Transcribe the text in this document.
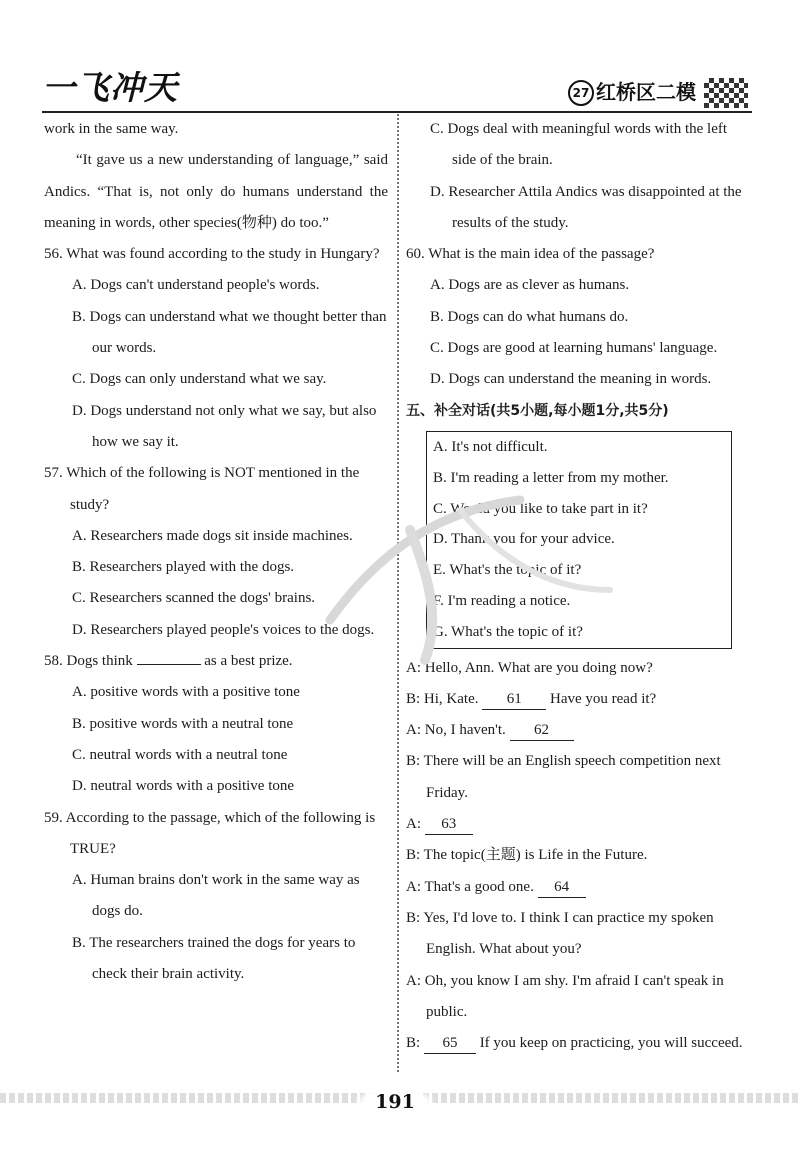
一飞冲天	27 红桥区二模

work in the same way.

“It gave us a new understanding of language,” said Andics. “That is, not only do humans understand the meaning in words, other species(物种) do too.”

56. What was found according to the study in Hungary?

A. Dogs can't understand people's words.

B. Dogs can understand what we thought better than our words.

C. Dogs can only understand what we say.

D. Dogs understand not only what we say, but also how we say it.

57. Which of the following is NOT mentioned in the study?

A. Researchers made dogs sit inside machines.

B. Researchers played with the dogs.

C. Researchers scanned the dogs' brains.

D. Researchers played people's voices to the dogs.

58. Dogs think	as a best prize.

A. positive words with a positive tone

B. positive words with a neutral tone

C. neutral words with a neutral tone

D. neutral words with a positive tone

59. According to the passage, which of the following is TRUE?

A. Human brains don't work in the same way as dogs do.

B. The researchers trained the dogs for years to check their brain activity.

C. Dogs deal with meaningful words with the left side of the brain.

D. Researcher Attila Andics was disappointed at the results of the study.

60. What is the main idea of the passage?

A. Dogs are as clever as humans.

B. Dogs can do what humans do.

C. Dogs are good at learning humans' language.

D. Dogs can understand the meaning in words.

五、补全对话(共5小题,每小题1分,共5分)

A. It's not difficult.
B. I'm reading a letter from my mother.
C. Would you like to take part in it?
D. Thank you for your advice.
E. What's the topic of it?
F. I'm reading a notice.
G. What's the topic of it?

A: Hello, Ann. What are you doing now?

B: Hi, Kate. 61 Have you read it?

A: No, I haven't. 62

B: There will be an English speech competition next Friday.

A: 63

B: The topic(主题) is Life in the Future.

A: That's a good one. 64

B: Yes, I'd love to. I think I can practice my spoken English. What about you?

A: Oh, you know I am shy. I'm afraid I can't speak in public.

B: 65 If you keep on practicing, you will succeed.

191
